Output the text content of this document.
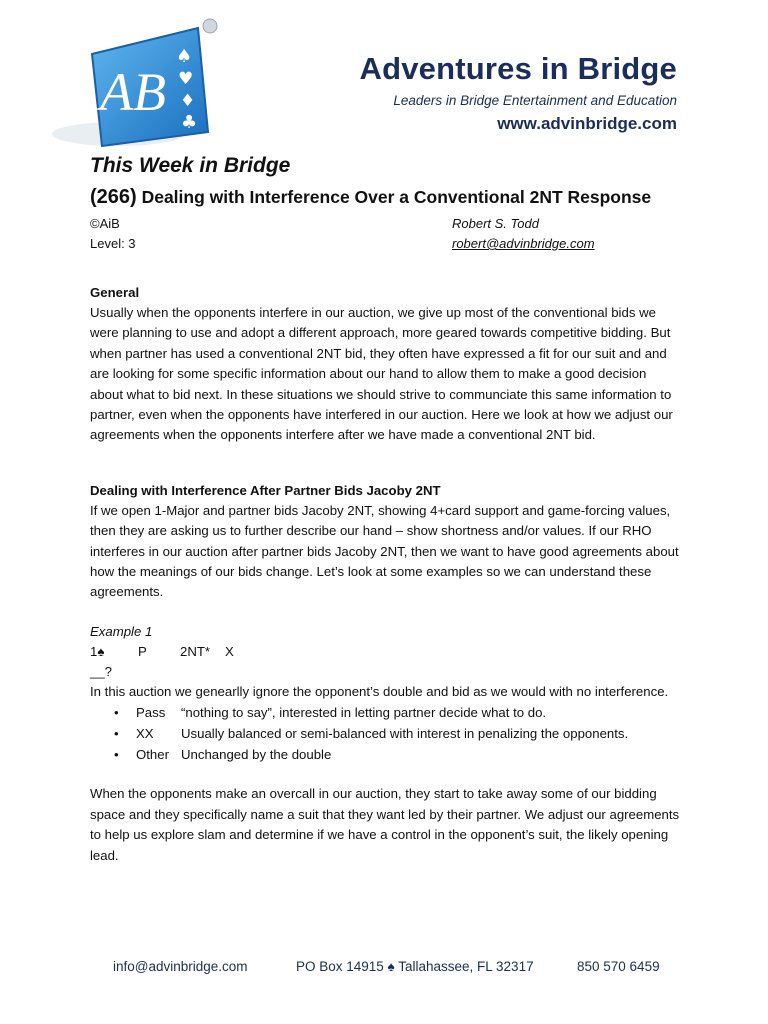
AB
♠
♥
♦
♣
Adventures in Bridge
Leaders in Bridge Entertainment and Education
www.advinbridge.com
This Week in Bridge
(266) Dealing with Interference Over a Conventional 2NT Response
©AiB	Robert S. Todd
Level: 3	robert@advinbridge.com
General

Usually when the opponents interfere in our auction, we give up most of the conventional bids we were planning to use and adopt a different approach, more geared towards competitive bidding. But when partner has used a conventional 2NT bid, they often have expressed a fit for our suit and and are looking for some specific information about our hand to allow them to make a good decision about what to bid next. In these situations we should strive to communciate this same information to partner, even when the opponents have interfered in our auction. Here we look at how we adjust our agreements when the opponents interfere after we have made a conventional 2NT bid.

Dealing with Interference After Partner Bids Jacoby 2NT

If we open 1-Major and partner bids Jacoby 2NT, showing 4+card support and game-forcing values, then they are asking us to further describe our hand – show shortness and/or values. If our RHO interferes in our auction after partner bids Jacoby 2NT, then we want to have good agreements about how the meanings of our bids change. Let’s look at some examples so we can understand these agreements.

Example 1
1♠	P	2NT*	X
__?

In this auction we genearlly ignore the opponent’s double and bid as we would with no interference.

•	Pass	“nothing to say”, interested in letting partner decide what to do.
•	XX	Usually balanced or semi-balanced with interest in penalizing the opponents.
•	Other Unchanged by the double

When the opponents make an overcall in our auction, they start to take away some of our bidding space and they specifically name a suit that they want led by their partner. We adjust our agreements to help us explore slam and determine if we have a control in the opponent’s suit, the likely opening lead.

info@advinbridge.com	PO Box 14915 ♠ Tallahassee, FL 32317	850 570 6459
